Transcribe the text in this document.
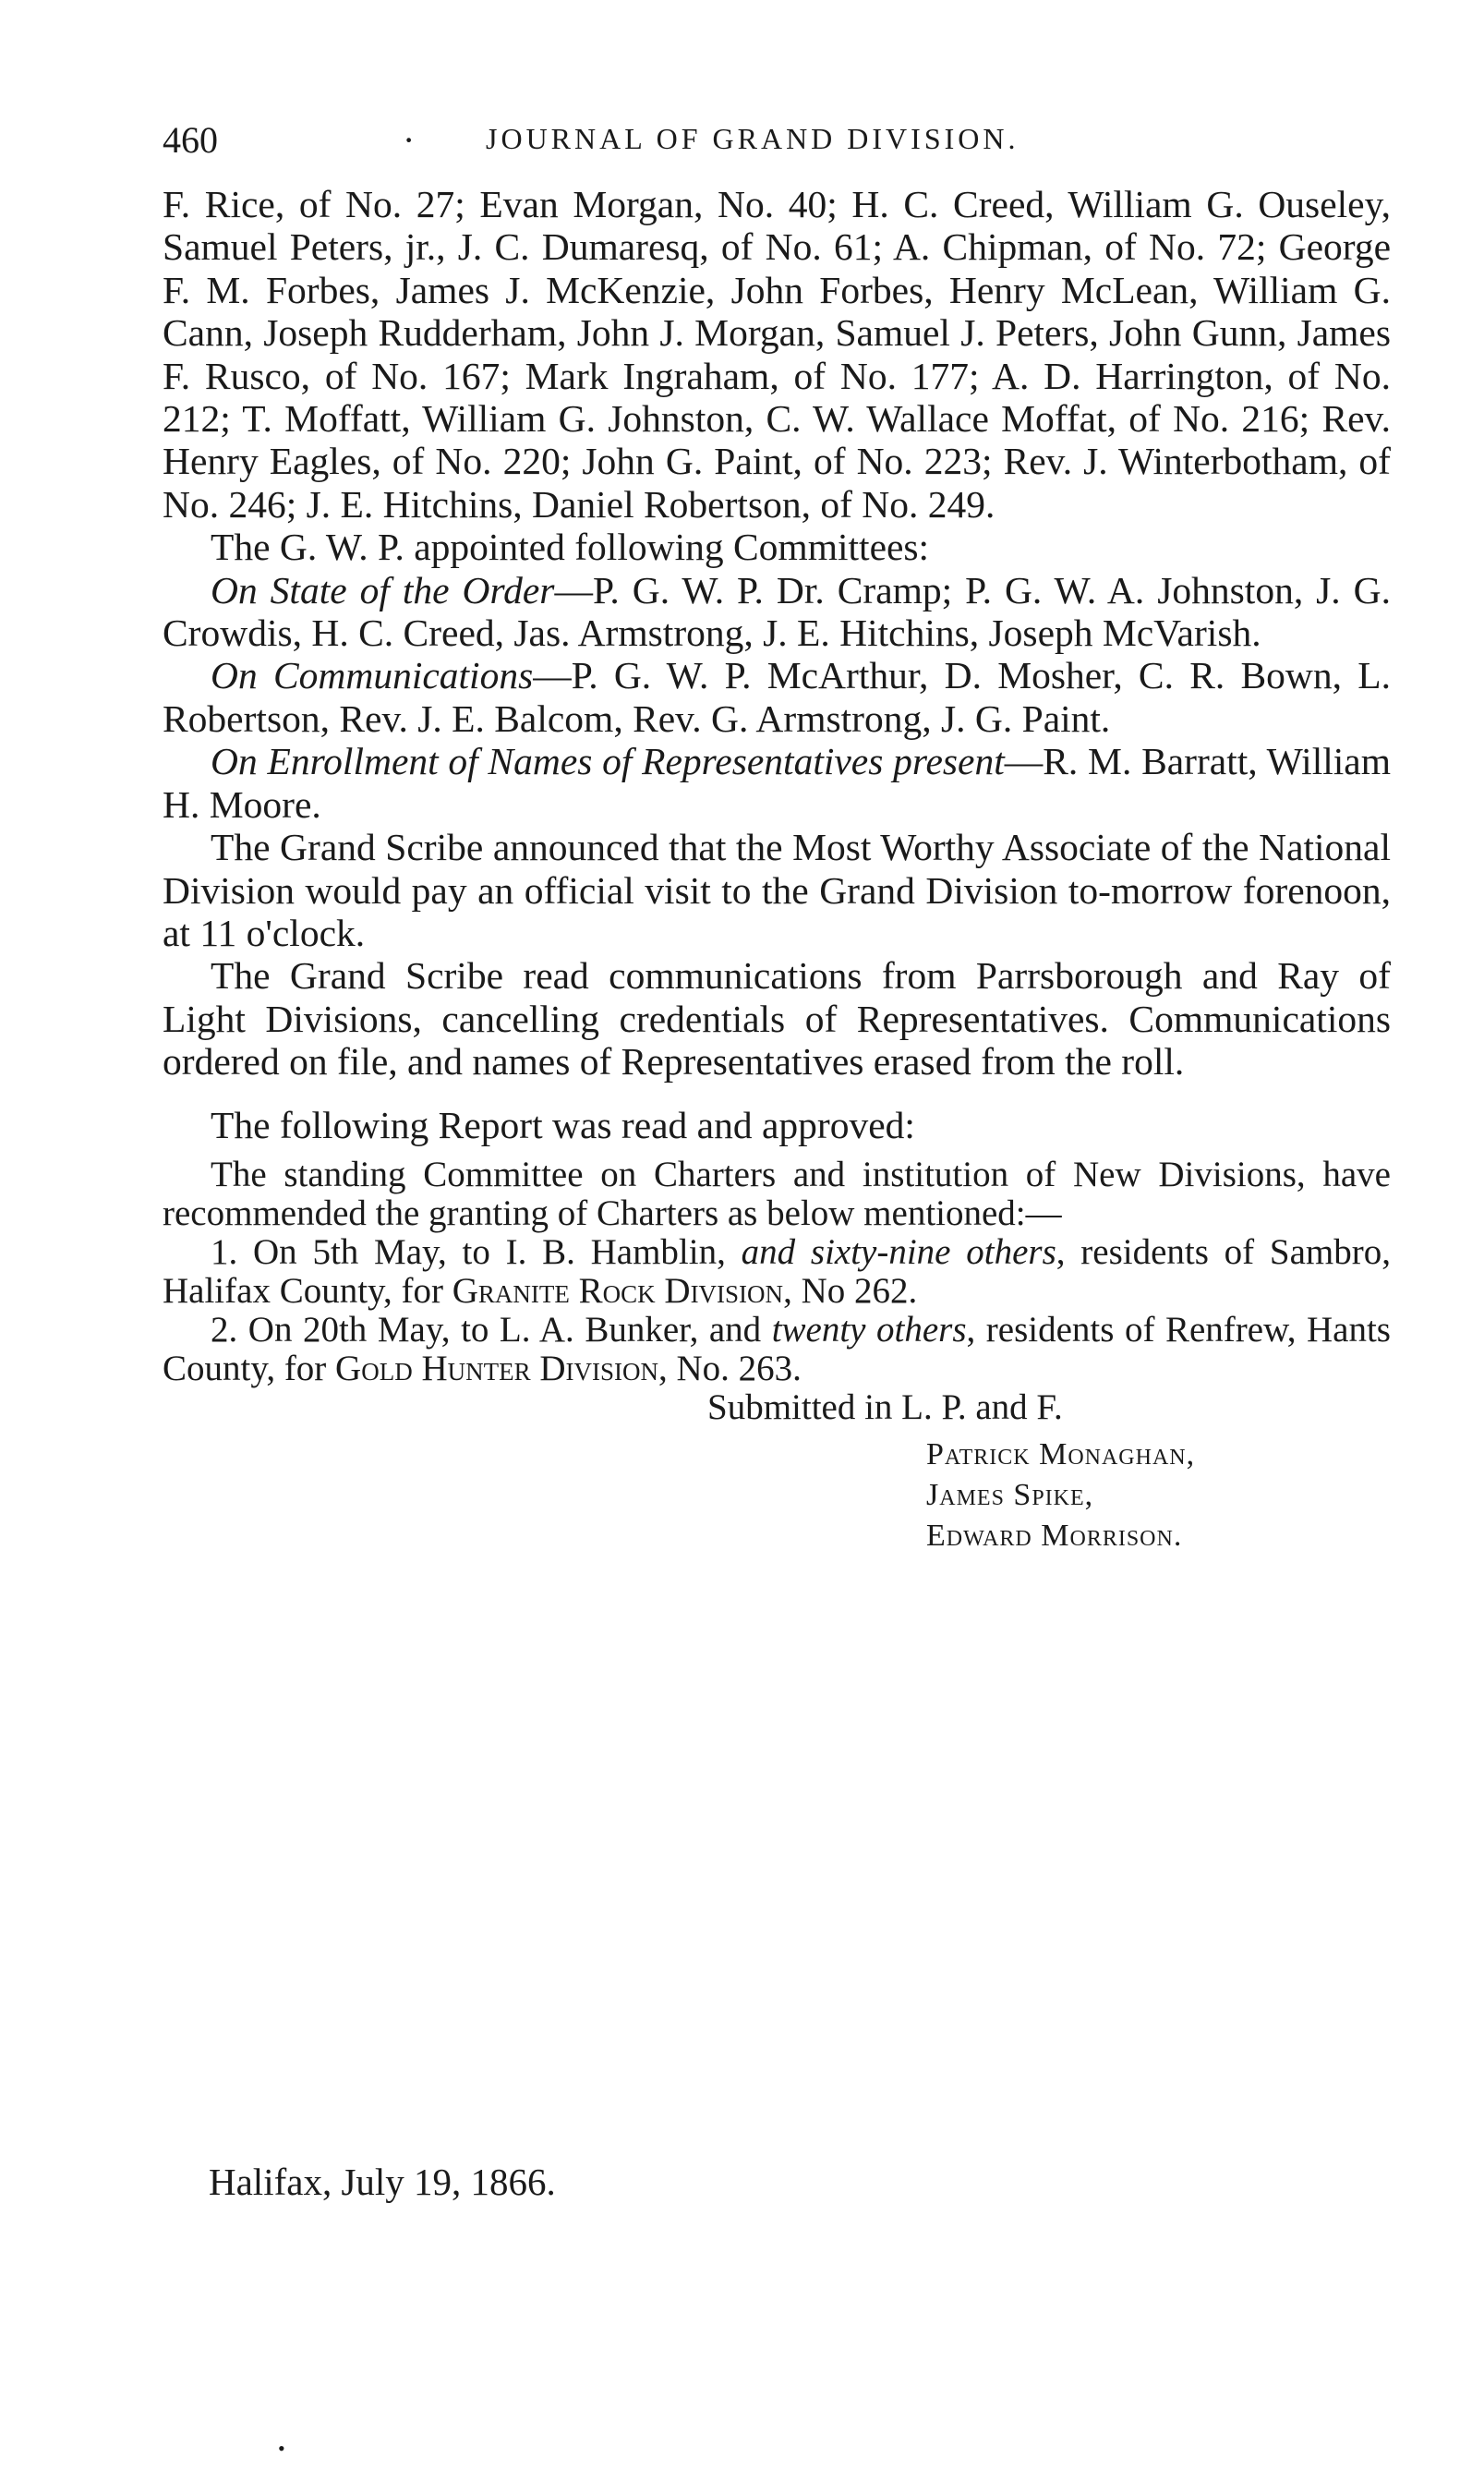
460	· JOURNAL OF GRAND DIVISION.

F. Rice, of No. 27; Evan Morgan, No. 40; H. C. Creed, William G. Ouseley, Samuel Peters, jr., J. C. Dumaresq, of No. 61; A. Chipman, of No. 72; George F. M. Forbes, James J. McKenzie, John Forbes, Henry McLean, William G. Cann, Joseph Rudderham, John J. Morgan, Samuel J. Peters, John Gunn, James F. Rusco, of No. 167; Mark Ingraham, of No. 177; A. D. Harrington, of No. 212; T. Moffatt, William G. Johnston, C. W. Wallace Moffat, of No. 216; Rev. Henry Eagles, of No. 220; John G. Paint, of No. 223; Rev. J. Winterbotham, of No. 246; J. E. Hitchins, Daniel Robertson, of No. 249.

The G. W. P. appointed following Committees:

On State of the Order—P. G. W. P. Dr. Cramp; P. G. W. A. Johnston, J. G. Crowdis, H. C. Creed, Jas. Armstrong, J. E. Hitchins, Joseph McVarish.

On Communications—P. G. W. P. McArthur, D. Mosher, C. R. Bown, L. Robertson, Rev. J. E. Balcom, Rev. G. Armstrong, J. G. Paint.

On Enrollment of Names of Representatives present—R. M. Barratt, William H. Moore.

The Grand Scribe announced that the Most Worthy Associate of the National Division would pay an official visit to the Grand Division to-morrow forenoon, at 11 o'clock.

The Grand Scribe read communications from Parrsborough and Ray of Light Divisions, cancelling credentials of Representatives. Communications ordered on file, and names of Representatives erased from the roll.

The following Report was read and approved:

The standing Committee on Charters and institution of New Divisions, have recommended the granting of Charters as below mentioned:—

1. On 5th May, to I. B. Hamblin, and sixty-nine others, residents of Sambro, Halifax County, for Granite Rock Division, No 262.

2. On 20th May, to L. A. Bunker, and twenty others, residents of Renfrew, Hants County, for Gold Hunter Division, No. 263.

Submitted in L. P. and F.

Patrick Monaghan,
James Spike,
Edward Morrison.
Halifax, July 19, 1866.
•
